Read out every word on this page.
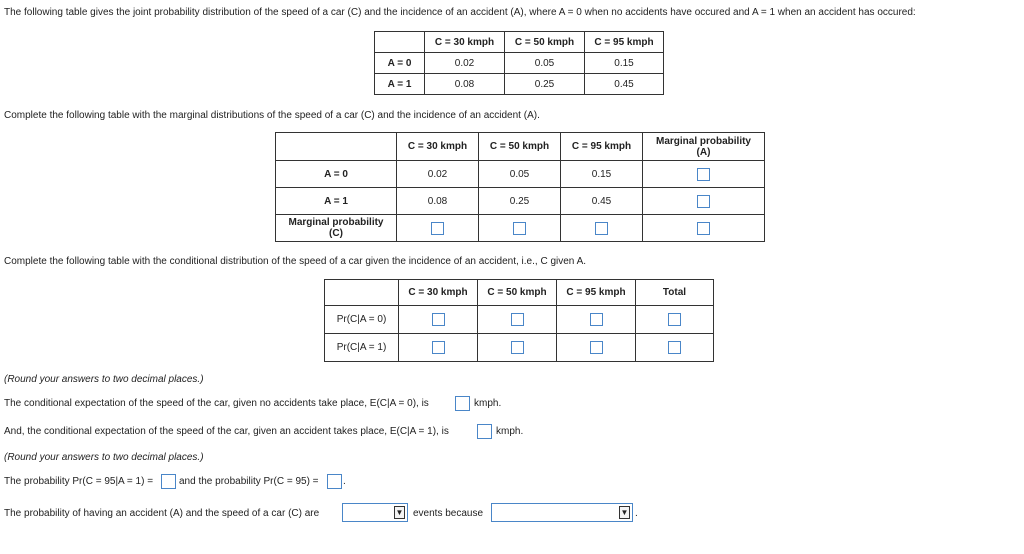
The following table gives the joint probability distribution of the speed of a car (C) and the incidence of an accident (A), where A = 0 when no accidents have occured and A = 1 when an accident has occured:
	C = 30 kmph	C = 50 kmph	C = 95 kmph
A = 0	0.02	0.05	0.15
A = 1	0.08	0.25	0.45
Complete the following table with the marginal distributions of the speed of a car (C) and the incidence of an accident (A).
	C = 30 kmph	C = 50 kmph	C = 95 kmph	Marginal probability
(A)

A = 0	0.02	0.05	0.15	
A = 1	0.08	0.25	0.45	

Marginal probability
(C)				

Complete the following table with the conditional distribution of the speed of a car given the incidence of an accident, i.e., C given A.
	C = 30 kmph	C = 50 kmph	C = 95 kmph	Total
Pr(C|A = 0)				
Pr(C|A = 1)				
(Round your answers to two decimal places.)
The conditional expectation of the speed of the car, given no accidents take place, E(C|A = 0), is	kmph.
And, the conditional expectation of the speed of the car, given an accident takes place, E(C|A = 1), is	kmph.
(Round your answers to two decimal places.)
The probability Pr(C = 95|A = 1) =	and the probability Pr(C = 95) = .
The probability of having an accident (A) and the speed of a car (C) are	▼ events because	▼ .
